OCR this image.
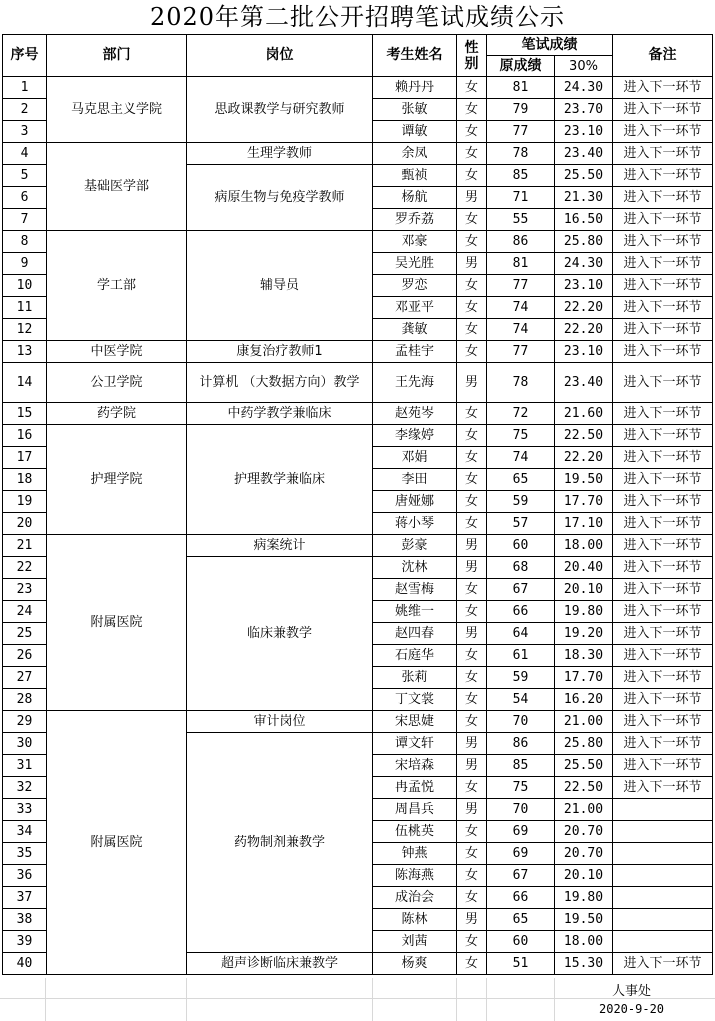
2020年第二批公开招聘笔试成绩公示
序号	部门	岗位	考生姓名	性别	笔试成绩		备注
					原成绩	30%	
1	马克思主义学院	思政课教学与研究教师	赖丹丹	女	81	24.30	进入下一环节
2			张敏	女	79	23.70	进入下一环节
3			谭敏	女	77	23.10	进入下一环节
4	基础医学部	生理学教师	余凤	女	78	23.40	进入下一环节
5		病原生物与免疫学教师	甄祯	女	85	25.50	进入下一环节
6			杨航	男	71	21.30	进入下一环节
7			罗乔荔	女	55	16.50	进入下一环节
8	学工部	辅导员	邓豪	女	86	25.80	进入下一环节
9			吴光胜	男	81	24.30	进入下一环节
10			罗恋	女	77	23.10	进入下一环节
11			邓亚平	女	74	22.20	进入下一环节
12			龚敏	女	74	22.20	进入下一环节
13	中医学院	康复治疗教师1	孟桂宇	女	77	23.10	进入下一环节
14	公卫学院	计算机 （大数据方向）教学	王先海	男	78	23.40	进入下一环节
15	药学院	中药学教学兼临床	赵苑岑	女	72	21.60	进入下一环节
16	护理学院	护理教学兼临床	李缘婷	女	75	22.50	进入下一环节
17			邓娟	女	74	22.20	进入下一环节
18			李田	女	65	19.50	进入下一环节
19			唐娅娜	女	59	17.70	进入下一环节
20			蒋小琴	女	57	17.10	进入下一环节
21	附属医院	病案统计	彭豪	男	60	18.00	进入下一环节
22		临床兼教学	沈林	男	68	20.40	进入下一环节
23			赵雪梅	女	67	20.10	进入下一环节
24			姚维一	女	66	19.80	进入下一环节
25			赵四春	男	64	19.20	进入下一环节
26			石庭华	女	61	18.30	进入下一环节
27			张莉	女	59	17.70	进入下一环节
28			丁文裳	女	54	16.20	进入下一环节
29	附属医院	审计岗位	宋思婕	女	70	21.00	进入下一环节
30		药物制剂兼教学	谭文轩	男	86	25.80	进入下一环节
31			宋培森	男	85	25.50	进入下一环节
32			冉孟悦	女	75	22.50	进入下一环节
33			周昌兵	男	70	21.00	
34			伍桃英	女	69	20.70	
35			钟燕	女	69	20.70	
36			陈海燕	女	67	20.10	
37			成治会	女	66	19.80	
38			陈林	男	65	19.50	
39			刘茜	女	60	18.00	
40		超声诊断临床兼教学	杨爽	女	51	15.30	进入下一环节
人事处
2020-9-20
